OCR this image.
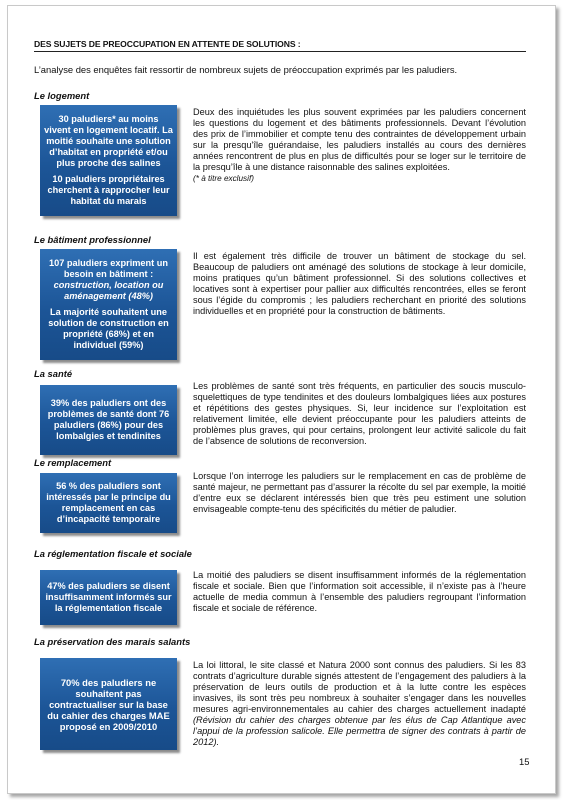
DES SUJETS DE PREOCCUPATION EN ATTENTE DE SOLUTIONS :
L’analyse des enquêtes fait ressortir de nombreux sujets de préoccupation exprimés par les paludiers.
Le logement

30 paludiers* au moins vivent en logement locatif. La moitié souhaite une solution d’habitat en propriété et/ou plus proche des salines

10 paludiers propriétaires cherchent à rapprocher leur habitat du marais

Deux des inquiétudes les plus souvent exprimées par les paludiers concernent les questions du logement et des bâtiments professionnels. Devant l’évolution des prix de l’immobilier et compte tenu des contraintes de développement urbain sur la presqu’île guérandaise, les paludiers installés au cours des dernières années rencontrent de plus en plus de difficultés pour se loger sur le territoire de la presqu’île à une distance raisonnable des salines exploitées.

(* à titre exclusif)

Le bâtiment professionnel

107 paludiers expriment un besoin en bâtiment : construction, location ou aménagement (48%)

La majorité souhaitent une solution de construction en propriété (68%) et en individuel (59%)

Il est également très difficile de trouver un bâtiment de stockage du sel. Beaucoup de paludiers ont aménagé des solutions de stockage à leur domicile, moins pratiques qu’un bâtiment professionnel. Si des solutions collectives et locatives sont à expertiser pour pallier aux difficultés rencontrées, elles se feront sous l’égide du compromis ; les paludiers recherchant en priorité des solutions individuelles et en propriété pour la construction de bâtiments.

La santé

39% des paludiers ont des problèmes de santé dont 76 paludiers (86%) pour des lombalgies et tendinites

Les problèmes de santé sont très fréquents, en particulier des soucis musculo-squelettiques de type tendinites et des douleurs lombalgiques liées aux postures et répétitions des gestes physiques. Si, leur incidence sur l’exploitation est relativement limitée, elle devient préoccupante pour les paludiers atteints de problèmes plus graves, qui pour certains, prolongent leur activité salicole du fait de l’absence de solutions de reconversion.

Le remplacement

56 % des paludiers sont intéressés par le principe du remplacement en cas d’incapacité temporaire

Lorsque l’on interroge les paludiers sur le remplacement en cas de problème de santé majeur, ne permettant pas d’assurer la récolte du sel par exemple, la moitié d’entre eux se déclarent intéressés bien que très peu estiment une solution envisageable compte-tenu des spécificités du métier de paludier.

La réglementation fiscale et sociale

47% des paludiers se disent insuffisamment informés sur la réglementation fiscale

La moitié des paludiers se disent insuffisamment informés de la réglementation fiscale et sociale. Bien que l’information soit accessible, il n’existe pas à l’heure actuelle de media commun à l’ensemble des paludiers regroupant l’information fiscale et sociale de référence.

La préservation des marais salants

70% des paludiers ne souhaitent pas contractualiser sur la base du cahier des charges MAE proposé en 2009/2010

La loi littoral, le site classé et Natura 2000 sont connus des paludiers. Si les 83 contrats d’agriculture durable signés attestent de l’engagement des paludiers à la préservation de leurs outils de production et à la lutte contre les espèces invasives, ils sont très peu nombreux à souhaiter s’engager dans les nouvelles mesures agri-environnementales au cahier des charges actuellement inadapté (Révision du cahier des charges obtenue par les élus de Cap Atlantique avec l’appui de la profession salicole. Elle permettra de signer des contrats à partir de 2012).

15
